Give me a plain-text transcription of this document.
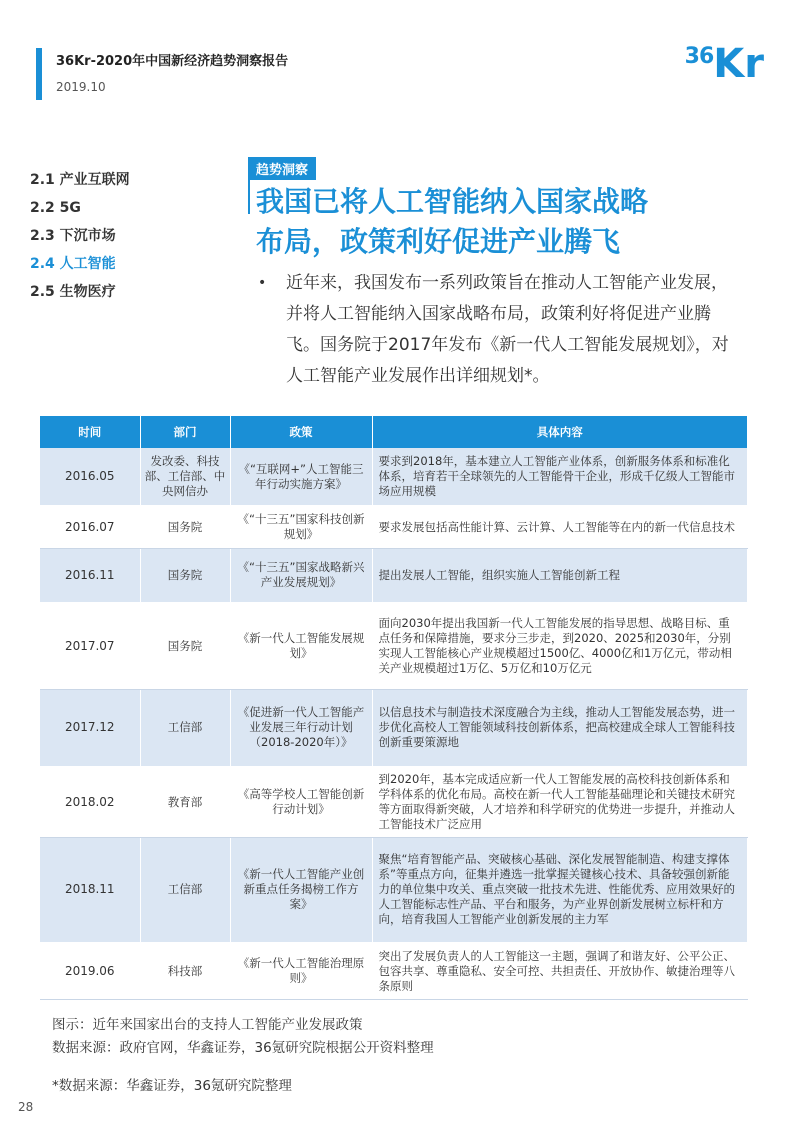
36Kr-2020年中国新经济趋势洞察报告
2019.10
36Kr
2.1 产业互联网
2.2 5G
2.3 下沉市场
2.4 人工智能
2.5 生物医疗
趋势洞察
我国已将人工智能纳入国家战略
布局，政策利好促进产业腾飞
• 近年来，我国发布一系列政策旨在推动人工智能产业发展，并将人工智能纳入国家战略布局，政策利好将促进产业腾飞。国务院于2017年发布《新一代人工智能发展规划》，对人工智能产业发展作出详细规划*。
时间	部门	政策	具体内容
2016.05	发改委、科技部、工信部、中央网信办	《“互联网+”人工智能三年行动实施方案》	要求到2018年，基本建立人工智能产业体系，创新服务体系和标准化体系，培育若干全球领先的人工智能骨干企业，形成千亿级人工智能市场应用规模
2016.07	国务院	《“十三五”国家科技创新规划》	要求发展包括高性能计算、云计算、人工智能等在内的新一代信息技术
2016.11	国务院	《“十三五”国家战略新兴产业发展规划》	提出发展人工智能，组织实施人工智能创新工程
2017.07	国务院	《新一代人工智能发展规划》	面向2030年提出我国新一代人工智能发展的指导思想、战略目标、重点任务和保障措施，要求分三步走，到2020、2025和2030年，分别实现人工智能核心产业规模超过1500亿、4000亿和1万亿元，带动相关产业规模超过1万亿、5万亿和10万亿元
2017.12	工信部	《促进新一代人工智能产业发展三年行动计划（2018-2020年）》	以信息技术与制造技术深度融合为主线，推动人工智能发展态势，进一步优化高校人工智能领域科技创新体系，把高校建成全球人工智能科技创新重要策源地
2018.02	教育部	《高等学校人工智能创新行动计划》	到2020年，基本完成适应新一代人工智能发展的高校科技创新体系和学科体系的优化布局。高校在新一代人工智能基础理论和关键技术研究等方面取得新突破，人才培养和科学研究的优势进一步提升，并推动人工智能技术广泛应用
2018.11	工信部	《新一代人工智能产业创新重点任务揭榜工作方案》	聚焦“培育智能产品、突破核心基础、深化发展智能制造、构建支撑体系”等重点方向，征集并遴选一批掌握关键核心技术、具备较强创新能力的单位集中攻关、重点突破一批技术先进、性能优秀、应用效果好的人工智能标志性产品、平台和服务，为产业界创新发展树立标杆和方向，培育我国人工智能产业创新发展的主力军
2019.06	科技部	《新一代人工智能治理原则》	突出了发展负责人的人工智能这一主题，强调了和谐友好、公平公正、包容共享、尊重隐私、安全可控、共担责任、开放协作、敏捷治理等八条原则
图示：近年来国家出台的支持人工智能产业发展政策
数据来源：政府官网，华鑫证券，36氪研究院根据公开资料整理
*数据来源：华鑫证券，36氪研究院整理
28
